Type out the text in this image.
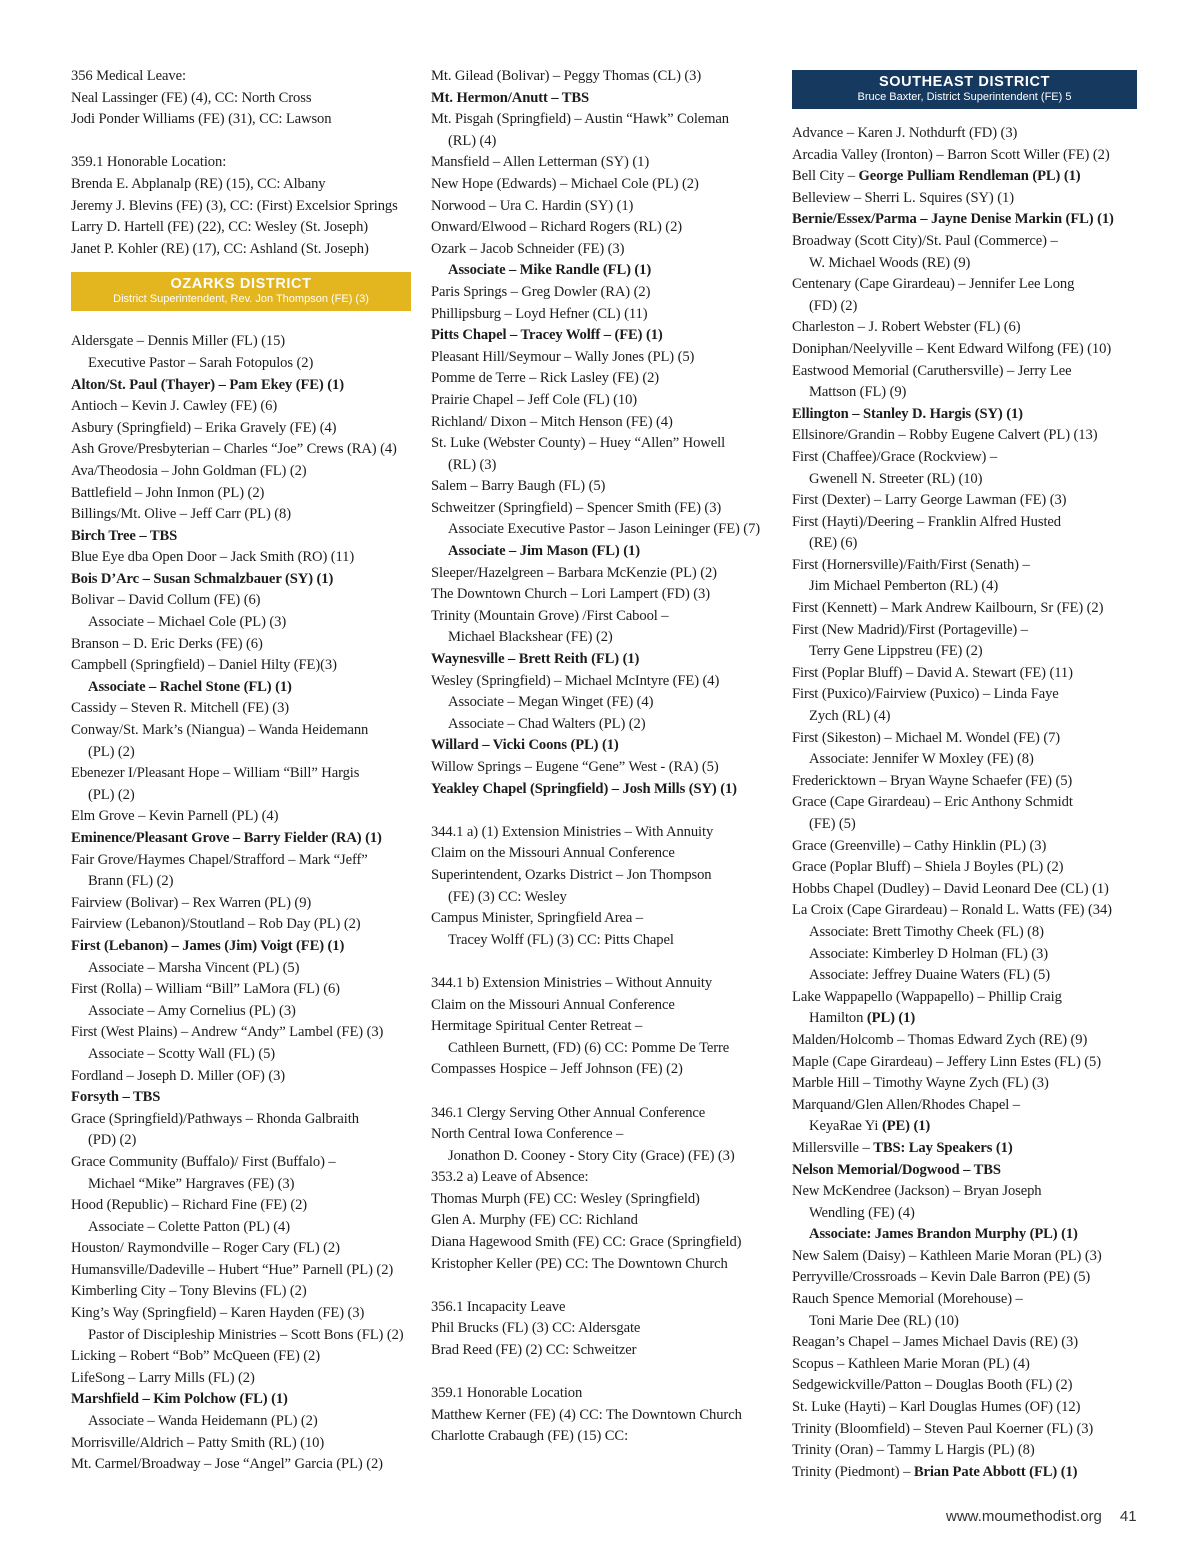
356 Medical Leave:
Neal Lassinger (FE) (4), CC: North Cross
Jodi Ponder Williams (FE) (31), CC: Lawson
359.1 Honorable Location:
Brenda E. Abplanalp (RE) (15), CC: Albany
Jeremy J. Blevins (FE) (3), CC: (First) Excelsior Springs
Larry D. Hartell (FE) (22), CC: Wesley (St. Joseph)
Janet P. Kohler (RE) (17), CC: Ashland (St. Joseph)
OZARKS DISTRICT
District Superintendent, Rev. Jon Thompson (FE) (3)
Aldersgate – Dennis Miller (FL) (15)
Executive Pastor – Sarah Fotopulos (2)
Alton/St. Paul (Thayer) – Pam Ekey (FE) (1)
Antioch – Kevin J. Cawley (FE) (6)
Asbury (Springfield) – Erika Gravely (FE) (4)
Ash Grove/Presbyterian – Charles “Joe” Crews (RA) (4)
Ava/Theodosia – John Goldman (FL) (2)
Battlefield – John Inmon (PL) (2)
Billings/Mt. Olive – Jeff Carr (PL) (8)
Birch Tree – TBS
Blue Eye dba Open Door – Jack Smith (RO) (11)
Bois D’Arc – Susan Schmalzbauer (SY) (1)
Bolivar – David Collum (FE) (6)
Associate – Michael Cole (PL) (3)
Branson – D. Eric Derks (FE) (6)
Campbell (Springfield) – Daniel Hilty (FE)(3)
Associate – Rachel Stone (FL) (1)
Cassidy – Steven R. Mitchell (FE) (3)
Conway/St. Mark’s (Niangua) – Wanda Heidemann
(PL) (2)
Ebenezer I/Pleasant Hope – William “Bill” Hargis
(PL) (2)
Elm Grove – Kevin Parnell (PL) (4)
Eminence/Pleasant Grove – Barry Fielder (RA) (1)
Fair Grove/Haymes Chapel/Strafford – Mark “Jeff”
Brann (FL) (2)
Fairview (Bolivar) – Rex Warren (PL) (9)
Fairview (Lebanon)/Stoutland – Rob Day (PL) (2)
First (Lebanon) – James (Jim) Voigt (FE) (1)
Associate – Marsha Vincent (PL) (5)
First (Rolla) – William “Bill” LaMora (FL) (6)
Associate – Amy Cornelius (PL) (3)
First (West Plains) – Andrew “Andy” Lambel (FE) (3)
Associate – Scotty Wall (FL) (5)
Fordland – Joseph D. Miller (OF) (3)
Forsyth – TBS
Grace (Springfield)/Pathways – Rhonda Galbraith
(PD) (2)
Grace Community (Buffalo)/ First (Buffalo) –
Michael “Mike” Hargraves (FE) (3)
Hood (Republic) – Richard Fine (FE) (2)
Associate – Colette Patton (PL) (4)
Houston/ Raymondville – Roger Cary (FL) (2)
Humansville/Dadeville – Hubert “Hue” Parnell (PL) (2)
Kimberling City – Tony Blevins (FL) (2)
King’s Way (Springfield) – Karen Hayden (FE) (3)
Pastor of Discipleship Ministries – Scott Bons (FL) (2)
Licking – Robert “Bob” McQueen (FE) (2)
LifeSong – Larry Mills (FL) (2)
Marshfield – Kim Polchow (FL) (1)
Associate – Wanda Heidemann (PL) (2)
Morrisville/Aldrich – Patty Smith (RL) (10)
Mt. Carmel/Broadway – Jose “Angel” Garcia (PL) (2)
Mt. Gilead (Bolivar) – Peggy Thomas (CL) (3)
Mt. Hermon/Anutt – TBS
Mt. Pisgah (Springfield) – Austin “Hawk” Coleman
(RL) (4)
Mansfield – Allen Letterman (SY) (1)
New Hope (Edwards) – Michael Cole (PL) (2)
Norwood – Ura C. Hardin (SY) (1)
Onward/Elwood – Richard Rogers (RL) (2)
Ozark – Jacob Schneider (FE) (3)
Associate – Mike Randle (FL) (1)
Paris Springs – Greg Dowler (RA) (2)
Phillipsburg – Loyd Hefner (CL) (11)
Pitts Chapel – Tracey Wolff – (FE) (1)
Pleasant Hill/Seymour – Wally Jones (PL) (5)
Pomme de Terre – Rick Lasley (FE) (2)
Prairie Chapel – Jeff Cole (FL) (10)
Richland/ Dixon – Mitch Henson (FE) (4)
St. Luke (Webster County) – Huey “Allen” Howell
(RL) (3)
Salem – Barry Baugh (FL) (5)
Schweitzer (Springfield) – Spencer Smith (FE) (3)
Associate Executive Pastor – Jason Leininger (FE) (7)
Associate – Jim Mason (FL) (1)
Sleeper/Hazelgreen – Barbara McKenzie (PL) (2)
The Downtown Church – Lori Lampert (FD) (3)
Trinity (Mountain Grove) /First Cabool –
Michael Blackshear (FE) (2)
Waynesville – Brett Reith (FL) (1)
Wesley (Springfield) – Michael McIntyre (FE) (4)
Associate – Megan Winget (FE) (4)
Associate – Chad Walters (PL) (2)
Willard – Vicki Coons (PL) (1)
Willow Springs – Eugene “Gene” West - (RA) (5)
Yeakley Chapel (Springfield) – Josh Mills (SY) (1)
344.1 a) (1) Extension Ministries – With Annuity
Claim on the Missouri Annual Conference
Superintendent, Ozarks District – Jon Thompson
(FE) (3) CC: Wesley
Campus Minister, Springfield Area –
Tracey Wolff (FL) (3) CC: Pitts Chapel
344.1 b) Extension Ministries – Without Annuity
Claim on the Missouri Annual Conference
Hermitage Spiritual Center Retreat –
Cathleen Burnett, (FD) (6) CC: Pomme De Terre
Compasses Hospice – Jeff Johnson (FE) (2)
346.1 Clergy Serving Other Annual Conference
North Central Iowa Conference –
Jonathon D. Cooney - Story City (Grace) (FE) (3)
353.2 a) Leave of Absence:
Thomas Murph (FE) CC: Wesley (Springfield)
Glen A. Murphy (FE) CC: Richland
Diana Hagewood Smith (FE) CC: Grace (Springfield)
Kristopher Keller (PE) CC: The Downtown Church
356.1 Incapacity Leave
Phil Brucks (FL) (3) CC: Aldersgate
Brad Reed (FE) (2) CC: Schweitzer
359.1 Honorable Location
Matthew Kerner (FE) (4) CC: The Downtown Church
Charlotte Crabaugh (FE) (15) CC:
SOUTHEAST DISTRICT
Bruce Baxter, District Superintendent (FE) 5
Advance – Karen J. Nothdurft (FD) (3)
Arcadia Valley (Ironton) – Barron Scott Willer (FE) (2)
Bell City – George Pulliam Rendleman (PL) (1)
Belleview – Sherri L. Squires (SY) (1)
Bernie/Essex/Parma – Jayne Denise Markin (FL) (1)
Broadway (Scott City)/St. Paul (Commerce) –
W. Michael Woods (RE) (9)
Centenary (Cape Girardeau) – Jennifer Lee Long
(FD) (2)
Charleston – J. Robert Webster (FL) (6)
Doniphan/Neelyville – Kent Edward Wilfong (FE) (10)
Eastwood Memorial (Caruthersville) – Jerry Lee
Mattson (FL) (9)
Ellington – Stanley D. Hargis (SY) (1)
Ellsinore/Grandin – Robby Eugene Calvert (PL) (13)
First (Chaffee)/Grace (Rockview) –
Gwenell N. Streeter (RL) (10)
First (Dexter) – Larry George Lawman (FE) (3)
First (Hayti)/Deering – Franklin Alfred Husted
(RE) (6)
First (Hornersville)/Faith/First (Senath) –
Jim Michael Pemberton (RL) (4)
First (Kennett) – Mark Andrew Kailbourn, Sr (FE) (2)
First (New Madrid)/First (Portageville) –
Terry Gene Lippstreu (FE) (2)
First (Poplar Bluff) – David A. Stewart (FE) (11)
First (Puxico)/Fairview (Puxico) – Linda Faye
Zych (RL) (4)
First (Sikeston) – Michael M. Wondel (FE) (7)
Associate: Jennifer W Moxley (FE) (8)
Fredericktown – Bryan Wayne Schaefer (FE) (5)
Grace (Cape Girardeau) – Eric Anthony Schmidt
(FE) (5)
Grace (Greenville) – Cathy Hinklin (PL) (3)
Grace (Poplar Bluff) – Shiela J Boyles (PL) (2)
Hobbs Chapel (Dudley) – David Leonard Dee (CL) (1)
La Croix (Cape Girardeau) – Ronald L. Watts (FE) (34)
Associate: Brett Timothy Cheek (FL) (8)
Associate: Kimberley D Holman (FL) (3)
Associate: Jeffrey Duaine Waters (FL) (5)
Lake Wappapello (Wappapello) – Phillip Craig
Hamilton (PL) (1)
Malden/Holcomb – Thomas Edward Zych (RE) (9)
Maple (Cape Girardeau) – Jeffery Linn Estes (FL) (5)
Marble Hill – Timothy Wayne Zych (FL) (3)
Marquand/Glen Allen/Rhodes Chapel –
KeyaRae Yi (PE) (1)
Millersville – TBS: Lay Speakers (1)
Nelson Memorial/Dogwood – TBS
New McKendree (Jackson) – Bryan Joseph
Wendling (FE) (4)
Associate: James Brandon Murphy (PL) (1)
New Salem (Daisy) – Kathleen Marie Moran (PL) (3)
Perryville/Crossroads – Kevin Dale Barron (PE) (5)
Rauch Spence Memorial (Morehouse) –
Toni Marie Dee (RL) (10)
Reagan’s Chapel – James Michael Davis (RE) (3)
Scopus – Kathleen Marie Moran (PL) (4)
Sedgewickville/Patton – Douglas Booth (FL) (2)
St. Luke (Hayti) – Karl Douglas Humes (OF) (12)
Trinity (Bloomfield) – Steven Paul Koerner (FL) (3)
Trinity (Oran) – Tammy L Hargis (PL) (8)
Trinity (Piedmont) – Brian Pate Abbott (FL) (1)
www.moumethodist.org 41
